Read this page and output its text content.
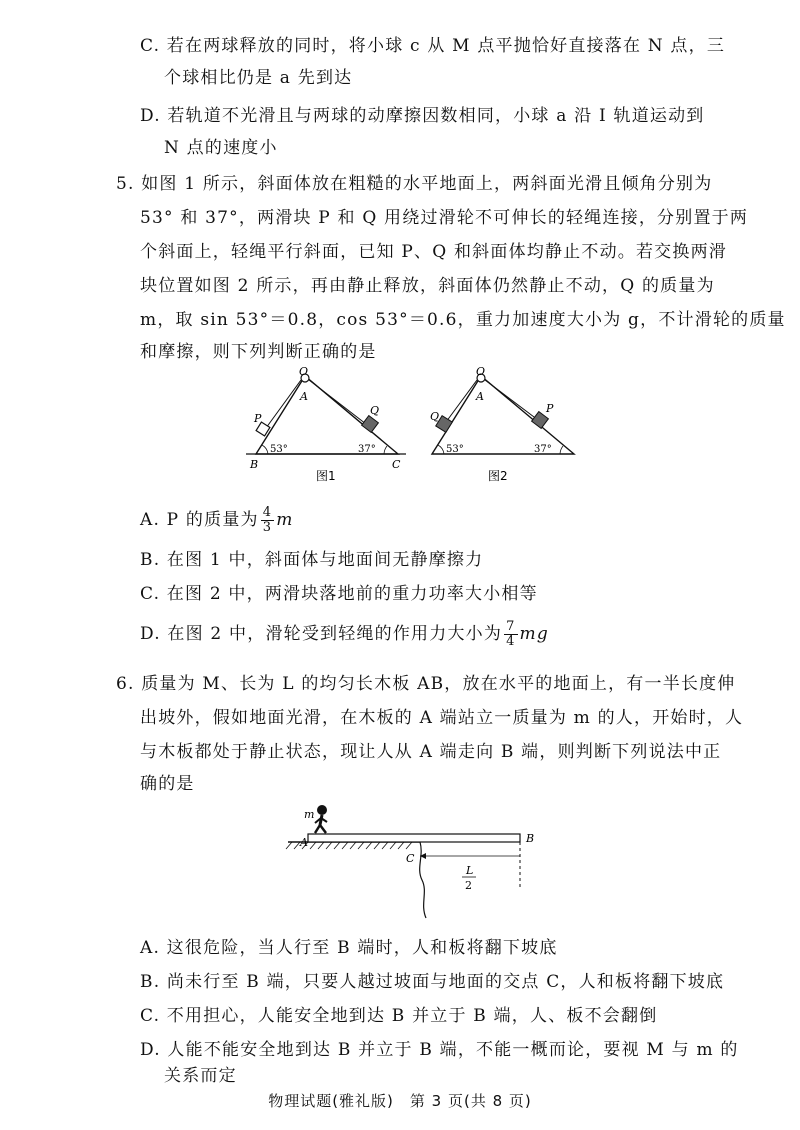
C. 若在两球释放的同时，将小球 c 从 M 点平抛恰好直接落在 N 点，三
个球相比仍是 a 先到达
D. 若轨道不光滑且与两球的动摩擦因数相同，小球 a 沿 Ⅰ 轨道运动到
N 点的速度小
5. 如图 1 所示，斜面体放在粗糙的水平地面上，两斜面光滑且倾角分别为
53° 和 37°，两滑块 P 和 Q 用绕过滑轮不可伸长的轻绳连接，分别置于两
个斜面上，轻绳平行斜面，已知 P、Q 和斜面体均静止不动。若交换两滑
块位置如图 2 所示，再由静止释放，斜面体仍然静止不动，Q 的质量为
m，取 sin 53°＝0.8，cos 53°＝0.6，重力加速度大小为 g，不计滑轮的质量
和摩擦，则下列判断正确的是
O
A
P
Q
B	C
53°	37°
图1
O
A
Q
P
53°	37°
图2
A. P 的质量为 $\frac{4}{3}$ m
B. 在图 1 中，斜面体与地面间无静摩擦力
C. 在图 2 中，两滑块落地前的重力功率大小相等
D. 在图 2 中，滑轮受到轻绳的作用力大小为 $\frac{7}{4}$ mg
6. 质量为 M、长为 L 的均匀长木板 AB，放在水平的地面上，有一半长度伸
出坡外，假如地面光滑，在木板的 A 端站立一质量为 m 的人，开始时，人
与木板都处于静止状态，现让人从 A 端走向 B 端，则判断下列说法中正
确的是
m
A	B
C
L
2
A. 这很危险，当人行至 B 端时，人和板将翻下坡底
B. 尚未行至 B 端，只要人越过坡面与地面的交点 C，人和板将翻下坡底
C. 不用担心，人能安全地到达 B 并立于 B 端，人、板不会翻倒
D. 人能不能安全地到达 B 并立于 B 端，不能一概而论，要视 M 与 m 的
关系而定
物理试题(雅礼版)　第 3 页(共 8 页)
